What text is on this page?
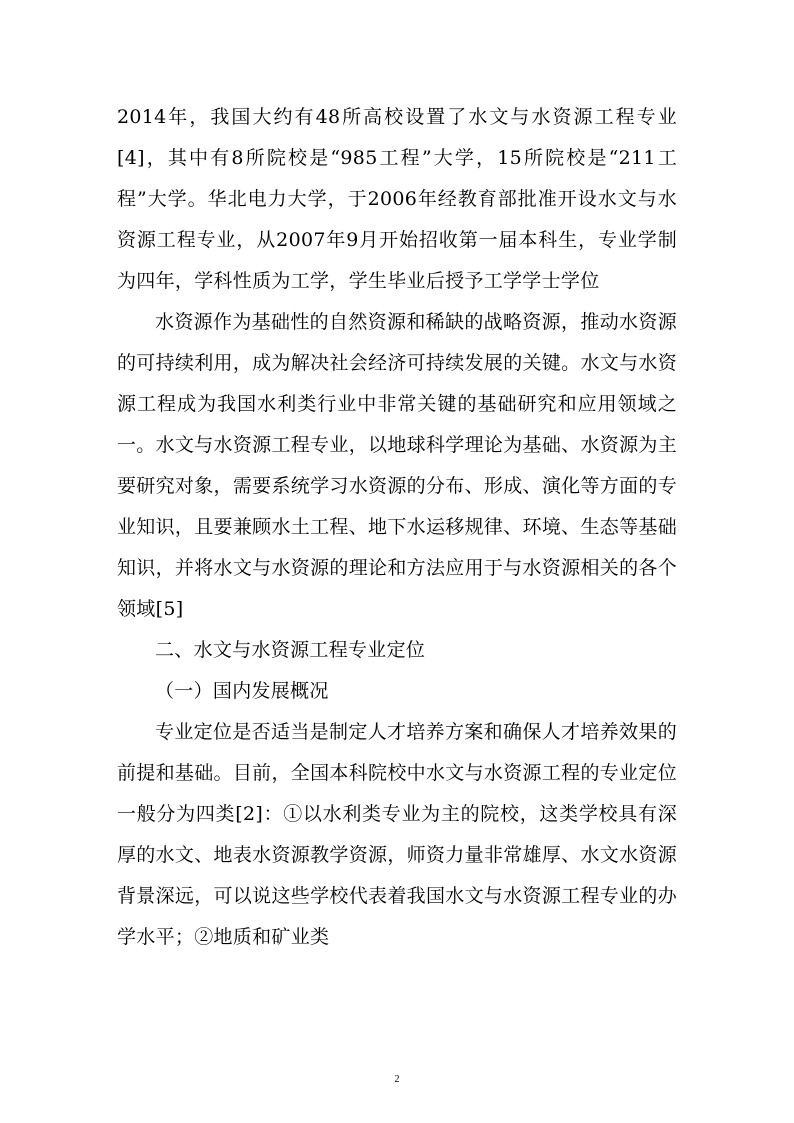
2014年，我国大约有48所高校设置了水文与水资源工程专业[4]，其中有8所院校是“985工程”大学，15所院校是“211工程”大学。华北电力大学，于2006年经教育部批准开设水文与水资源工程专业，从2007年9月开始招收第一届本科生，专业学制为四年，学科性质为工学，学生毕业后授予工学学士学位

水资源作为基础性的自然资源和稀缺的战略资源，推动水资源的可持续利用，成为解决社会经济可持续发展的关键。水文与水资源工程成为我国水利类行业中非常关键的基础研究和应用领域之一。水文与水资源工程专业，以地球科学理论为基础、水资源为主要研究对象，需要系统学习水资源的分布、形成、演化等方面的专业知识，且要兼顾水土工程、地下水运移规律、环境、生态等基础知识，并将水文与水资源的理论和方法应用于与水资源相关的各个领域[5]

二、水文与水资源工程专业定位

（一）国内发展概况

专业定位是否适当是制定人才培养方案和确保人才培养效果的前提和基础。目前，全国本科院校中水文与水资源工程的专业定位一般分为四类[2]：①以水利类专业为主的院校，这类学校具有深厚的水文、地表水资源教学资源，师资力量非常雄厚、水文水资源背景深远，可以说这些学校代表着我国水文与水资源工程专业的办学水平；②地质和矿业类

2
